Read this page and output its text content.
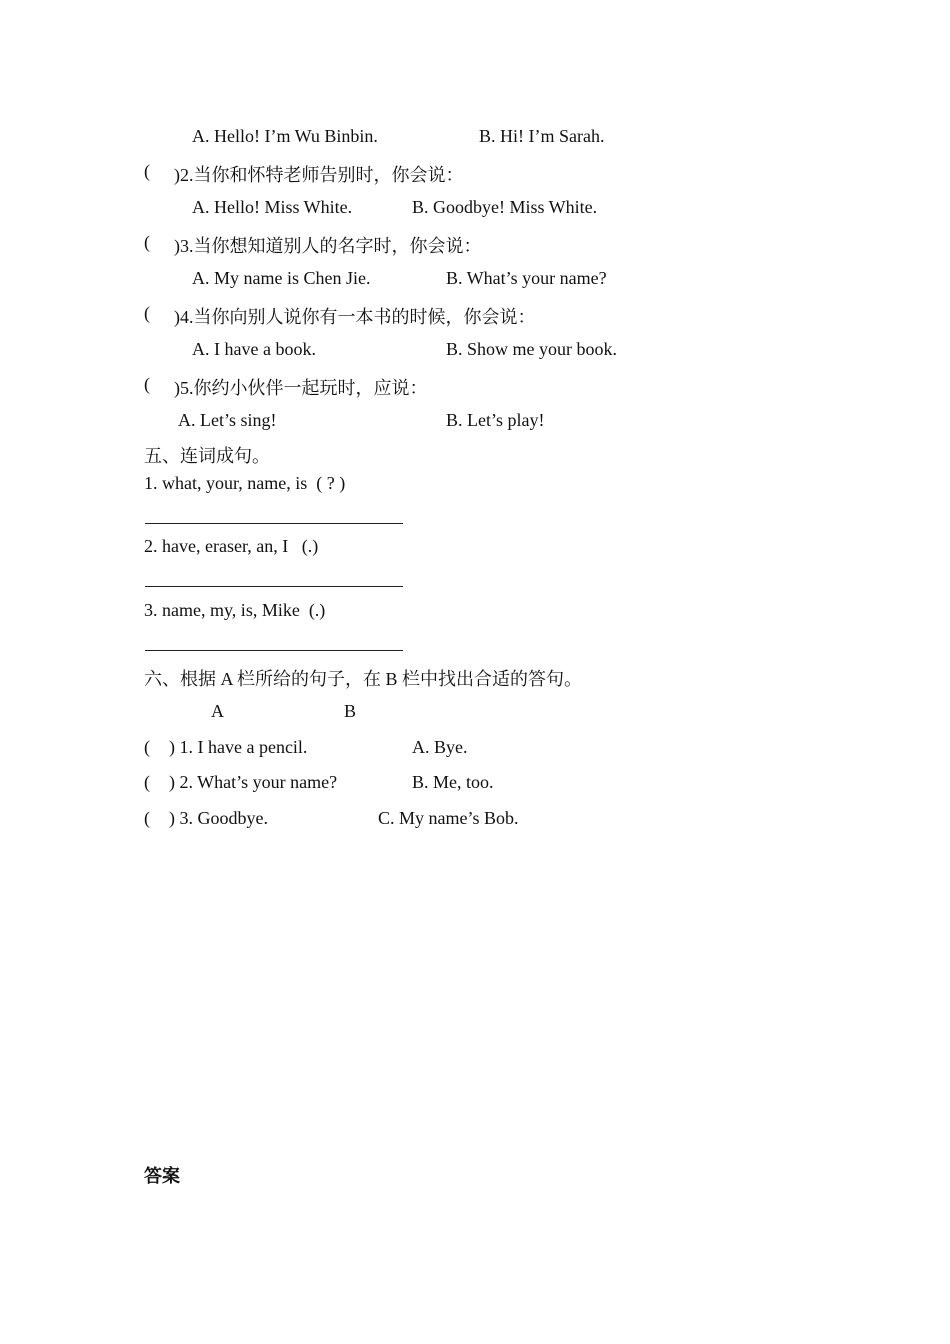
A. Hello! I’m Wu Binbin.	B. Hi! I’m Sarah.
( )2.当你和怀特老师告别时，你会说：
A. Hello! Miss White.	B. Goodbye! Miss White.
( )3.当你想知道别人的名字时，你会说：
A. My name is Chen Jie.	B. What’s your name?
( )4.当你向别人说你有一本书的时候，你会说：
A. I have a book.	B. Show me your book.
( )5.你约小伙伴一起玩时，应说：
A. Let’s sing!	B. Let’s play!
五、连词成句。
1. what, your, name, is  ( ? )
2. have, eraser, an, I   (.)
3. name, my, is, Mike  (.)
六、根据 A 栏所给的句子，在 B 栏中找出合适的答句。
A	B
( ) 1. I have a pencil.	A. Bye.
( ) 2. What’s your name?	B. Me, too.
( ) 3. Goodbye.	C. My name’s Bob.
答案
